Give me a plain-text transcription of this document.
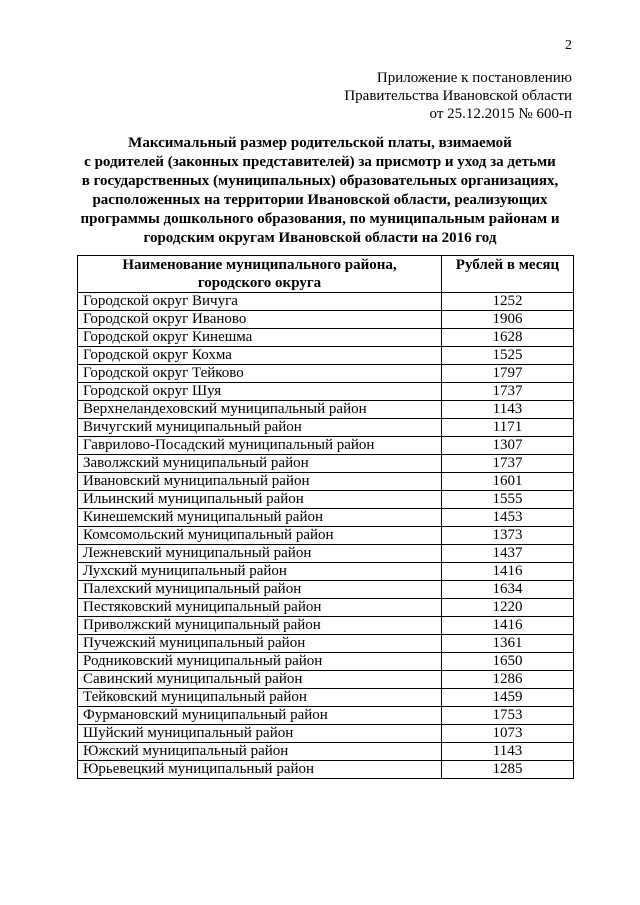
2
Приложение к постановлению
Правительства Ивановской области
от 25.12.2015 № 600-п
Максимальный размер родительской платы, взимаемой
с родителей (законных представителей) за присмотр и уход за детьми
в государственных (муниципальных) образовательных организациях,
расположенных на территории Ивановской области, реализующих
программы дошкольного образования, по муниципальным районам и
городским округам Ивановской области на 2016 год
Наименование муниципального района,
городского округа	Рублей в месяц
Городской округ Вичуга	1252
Городской округ Иваново	1906
Городской округ Кинешма	1628
Городской округ Кохма	1525
Городской округ Тейково	1797
Городской округ Шуя	1737
Верхнеландеховский муниципальный район	1143
Вичугский муниципальный район	1171
Гаврилово-Посадский муниципальный район	1307
Заволжский муниципальный район	1737
Ивановский муниципальный район	1601
Ильинский муниципальный район	1555
Кинешемский муниципальный район	1453
Комсомольский муниципальный район	1373
Лежневский муниципальный район	1437
Лухский муниципальный район	1416
Палехский муниципальный район	1634
Пестяковский муниципальный район	1220
Приволжский муниципальный район	1416
Пучежский муниципальный район	1361
Родниковский муниципальный район	1650
Савинский муниципальный район	1286
Тейковский муниципальный район	1459
Фурмановский муниципальный район	1753
Шуйский муниципальный район	1073
Южский муниципальный район	1143
Юрьевецкий муниципальный район	1285
